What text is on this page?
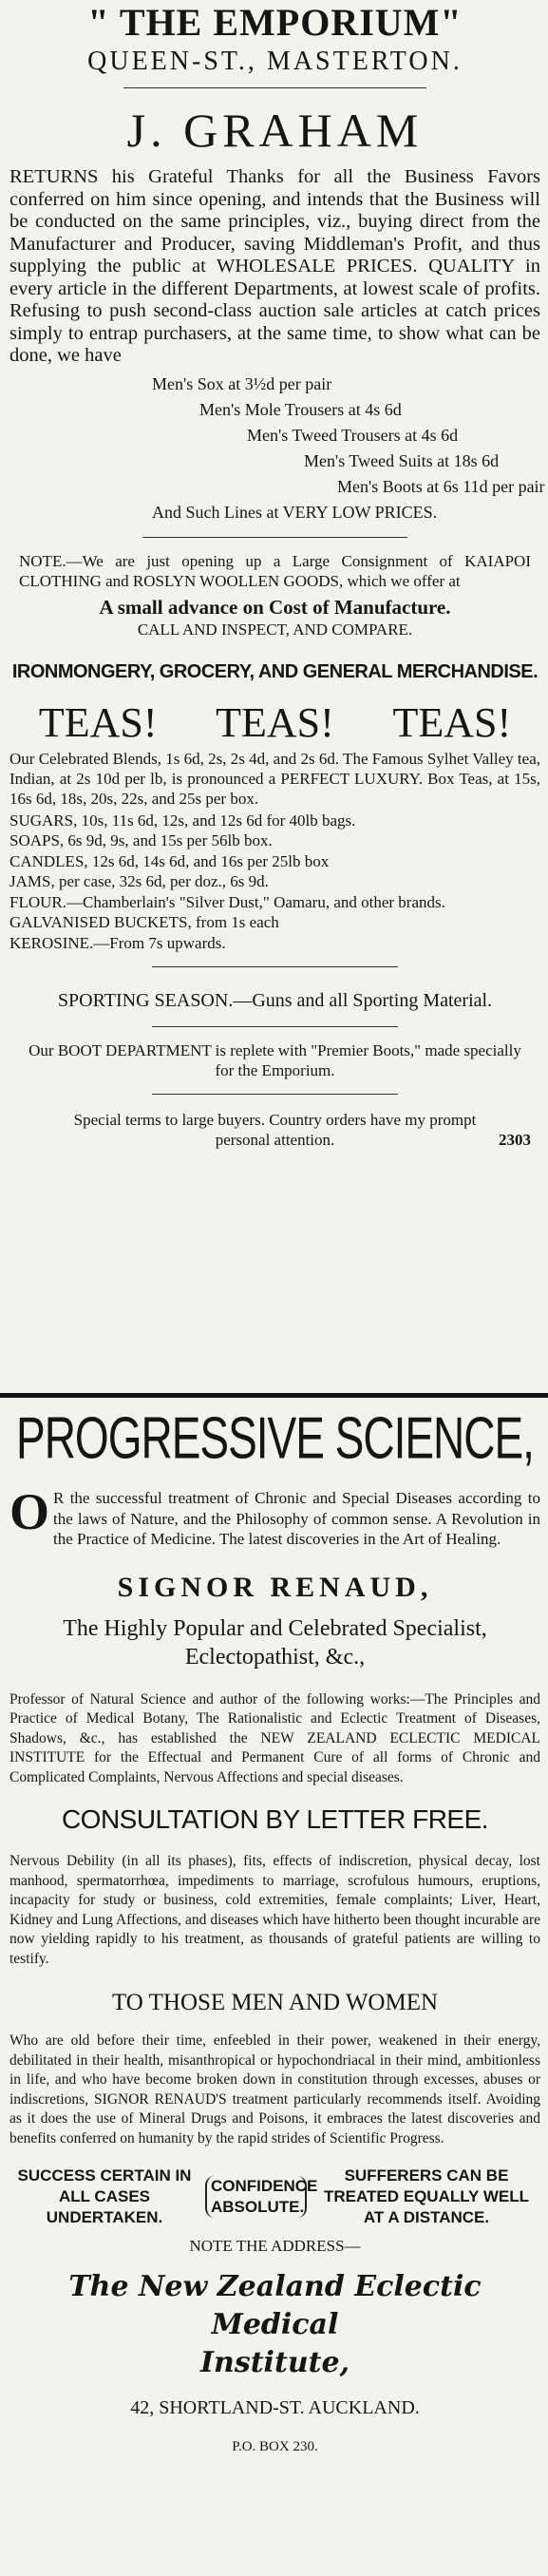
" THE EMPORIUM"
QUEEN-ST., MASTERTON.
J. GRAHAM

RETURNS his Grateful Thanks for all the Business Favors conferred on him since opening, and intends that the Business will be conducted on the same principles, viz., buying direct from the Manufacturer and Producer, saving Middleman's Profit, and thus supplying the public at WHOLESALE PRICES. QUALITY in every article in the different Departments, at lowest scale of profits. Refusing to push second-class auction sale articles at catch prices simply to entrap purchasers, at the same time, to show what can be done, we have

Men's Sox at 3½d per pair
Men's Mole Trousers at 4s 6d
Men's Tweed Trousers at 4s 6d
Men's Tweed Suits at 18s 6d
Men's Boots at 6s 11d per pair
And Such Lines at VERY LOW PRICES.

NOTE.—We are just opening up a Large Consignment of KAIAPOI CLOTHING and ROSLYN WOOLLEN GOODS, which we offer at

A small advance on Cost of Manufacture.
CALL AND INSPECT, AND COMPARE.
IRONMONGERY, GROCERY, AND GENERAL MERCHANDISE.
TEAS! TEAS! TEAS!

Our Celebrated Blends, 1s 6d, 2s, 2s 4d, and 2s 6d. The Famous Sylhet Valley tea, Indian, at 2s 10d per lb, is pronounced a PERFECT LUXURY. Box Teas, at 15s, 16s 6d, 18s, 20s, 22s, and 25s per box.

SUGARS, 10s, 11s 6d, 12s, and 12s 6d for 40lb bags.
SOAPS, 6s 9d, 9s, and 15s per 56lb box.
CANDLES, 12s 6d, 14s 6d, and 16s per 25lb box
JAMS, per case, 32s 6d, per doz., 6s 9d.
FLOUR.—Chamberlain's "Silver Dust," Oamaru, and other brands.
GALVANISED BUCKETS, from 1s each
KEROSINE.—From 7s upwards.
SPORTING SEASON.—Guns and all Sporting Material.

Our BOOT DEPARTMENT is replete with "Premier Boots," made specially for the Emporium.

Special terms to large buyers. Country orders have my prompt personal attention.	2303
PROGRESSIVE SCIENCE,
O R the successful treatment of Chronic and Special Diseases according to the laws of Nature, and the Philosophy of common sense. A Revolution in the Practice of Medicine. The latest discoveries in the Art of Healing.

SIGNOR RENAUD,
The Highly Popular and Celebrated Specialist,
Eclectopathist, &c.,

Professor of Natural Science and author of the following works:—The Principles and Practice of Medical Botany, The Rationalistic and Eclectic Treatment of Diseases, Shadows, &c., has established the NEW ZEALAND ECLECTIC MEDICAL INSTITUTE for the Effectual and Permanent Cure of all forms of Chronic and Complicated Complaints, Nervous Affections and special diseases.

CONSULTATION BY LETTER FREE.

Nervous Debility (in all its phases), fits, effects of indiscretion, physical decay, lost manhood, spermatorrhœa, impediments to marriage, scrofulous humours, eruptions, incapacity for study or business, cold extremities, female complaints; Liver, Heart, Kidney and Lung Affections, and diseases which have hitherto been thought incurable are now yielding rapidly to his treatment, as thousands of grateful patients are willing to testify.

TO THOSE MEN AND WOMEN

Who are old before their time, enfeebled in their power, weakened in their energy, debilitated in their health, misanthropical or hypochondriacal in their mind, ambitionless in life, and who have become broken down in constitution through excesses, abuses or indiscretions, SIGNOR RENAUD'S treatment particularly recommends itself. Avoiding as it does the use of Mineral Drugs and Poisons, it embraces the latest discoveries and benefits conferred on humanity by the rapid strides of Scientific Progress.

SUCCESS CERTAIN IN ALL CASES UNDERTAKEN.
CONFIDENCE ABSOLUTE.
SUFFERERS CAN BE TREATED EQUALLY WELL AT A DISTANCE.
NOTE THE ADDRESS—
The New Zealand Eclectic Medical
Institute,
42, SHORTLAND-ST. AUCKLAND.
P.O. BOX 230.
